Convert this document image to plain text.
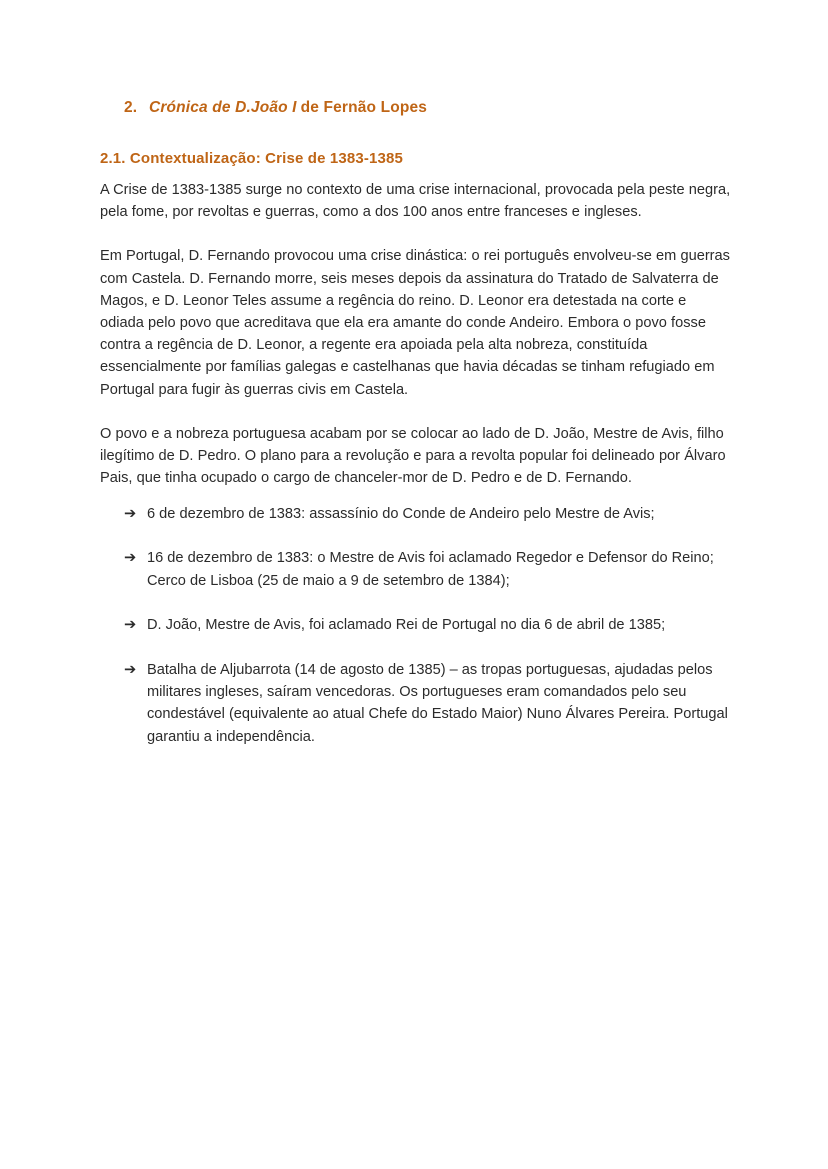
2. Crónica de D.João I de Fernão Lopes
2.1. Contextualização: Crise de 1383-1385

A Crise de 1383-1385 surge no contexto de uma crise internacional, provocada pela peste negra, pela fome, por revoltas e guerras, como a dos 100 anos entre franceses e ingleses.

Em Portugal, D. Fernando provocou uma crise dinástica: o rei português envolveu-se em guerras com Castela. D. Fernando morre, seis meses depois da assinatura do Tratado de Salvaterra de Magos, e D. Leonor Teles assume a regência do reino. D. Leonor era detestada na corte e odiada pelo povo que acreditava que ela era amante do conde Andeiro. Embora o povo fosse contra a regência de D. Leonor, a regente era apoiada pela alta nobreza, constituída essencialmente por famílias galegas e castelhanas que havia décadas se tinham refugiado em Portugal para fugir às guerras civis em Castela.

O povo e a nobreza portuguesa acabam por se colocar ao lado de D. João, Mestre de Avis, filho ilegítimo de D. Pedro. O plano para a revolução e para a revolta popular foi delineado por Álvaro Pais, que tinha ocupado o cargo de chanceler-mor de D. Pedro e de D. Fernando.

➔ 6 de dezembro de 1383: assassínio do Conde de Andeiro pelo Mestre de Avis;
➔ 16 de dezembro de 1383: o Mestre de Avis foi aclamado Regedor e Defensor do Reino; Cerco de Lisboa (25 de maio a 9 de setembro de 1384);
➔ D. João, Mestre de Avis, foi aclamado Rei de Portugal no dia 6 de abril de 1385;
➔ Batalha de Aljubarrota (14 de agosto de 1385) – as tropas portuguesas, ajudadas pelos militares ingleses, saíram vencedoras. Os portugueses eram comandados pelo seu condestável (equivalente ao atual Chefe do Estado Maior) Nuno Álvares Pereira. Portugal garantiu a independência.
